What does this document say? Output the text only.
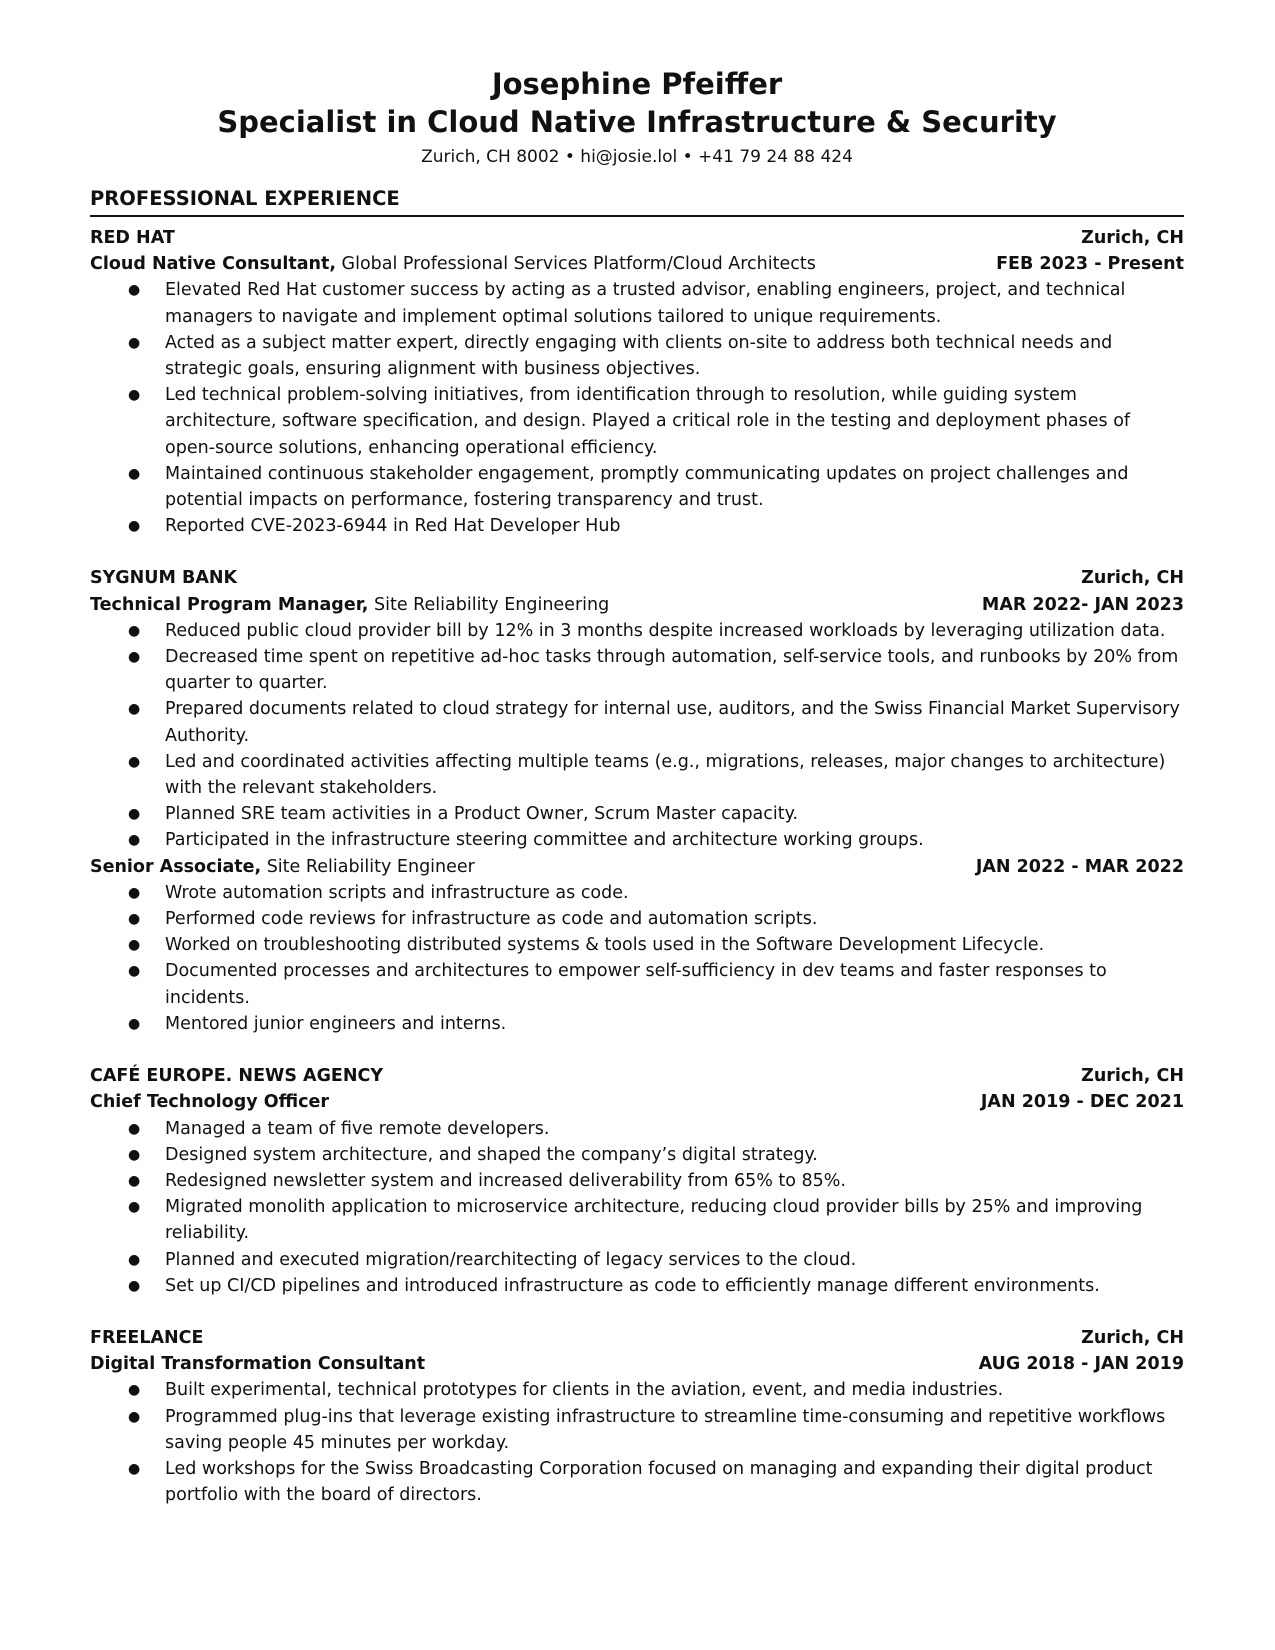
Josephine Pfeiffer
Specialist in Cloud Native Infrastructure & Security
Zurich, CH 8002 • hi@josie.lol • +41 79 24 88 424
PROFESSIONAL EXPERIENCE
RED HAT	Zurich, CH
Cloud Native Consultant, Global Professional Services Platform/Cloud Architects	FEB 2023 - Present
● Elevated Red Hat customer success by acting as a trusted advisor, enabling engineers, project, and technical managers to navigate and implement optimal solutions tailored to unique requirements.
● Acted as a subject matter expert, directly engaging with clients on-site to address both technical needs and strategic goals, ensuring alignment with business objectives.
● Led technical problem-solving initiatives, from identification through to resolution, while guiding system architecture, software specification, and design. Played a critical role in the testing and deployment phases of open-source solutions, enhancing operational efficiency.
● Maintained continuous stakeholder engagement, promptly communicating updates on project challenges and potential impacts on performance, fostering transparency and trust.
● Reported CVE-2023-6944 in Red Hat Developer Hub
SYGNUM BANK	Zurich, CH
Technical Program Manager, Site Reliability Engineering	MAR 2022- JAN 2023
● Reduced public cloud provider bill by 12% in 3 months despite increased workloads by leveraging utilization data.
● Decreased time spent on repetitive ad-hoc tasks through automation, self-service tools, and runbooks by 20% from quarter to quarter.
● Prepared documents related to cloud strategy for internal use, auditors, and the Swiss Financial Market Supervisory Authority.
● Led and coordinated activities affecting multiple teams (e.g., migrations, releases, major changes to architecture) with the relevant stakeholders.
● Planned SRE team activities in a Product Owner, Scrum Master capacity.
● Participated in the infrastructure steering committee and architecture working groups.
Senior Associate, Site Reliability Engineer	JAN 2022 - MAR 2022
● Wrote automation scripts and infrastructure as code.
● Performed code reviews for infrastructure as code and automation scripts.
● Worked on troubleshooting distributed systems & tools used in the Software Development Lifecycle.
● Documented processes and architectures to empower self-sufficiency in dev teams and faster responses to incidents.
● Mentored junior engineers and interns.
CAFÉ EUROPE. NEWS AGENCY	Zurich, CH
Chief Technology Officer	JAN 2019 - DEC 2021
● Managed a team of five remote developers.
● Designed system architecture, and shaped the company’s digital strategy.
● Redesigned newsletter system and increased deliverability from 65% to 85%.
● Migrated monolith application to microservice architecture, reducing cloud provider bills by 25% and improving reliability.
● Planned and executed migration/rearchitecting of legacy services to the cloud.
● Set up CI/CD pipelines and introduced infrastructure as code to efficiently manage different environments.
FREELANCE	Zurich, CH
Digital Transformation Consultant	AUG 2018 - JAN 2019
● Built experimental, technical prototypes for clients in the aviation, event, and media industries.
● Programmed plug-ins that leverage existing infrastructure to streamline time-consuming and repetitive workflows saving people 45 minutes per workday.
● Led workshops for the Swiss Broadcasting Corporation focused on managing and expanding their digital product portfolio with the board of directors.
